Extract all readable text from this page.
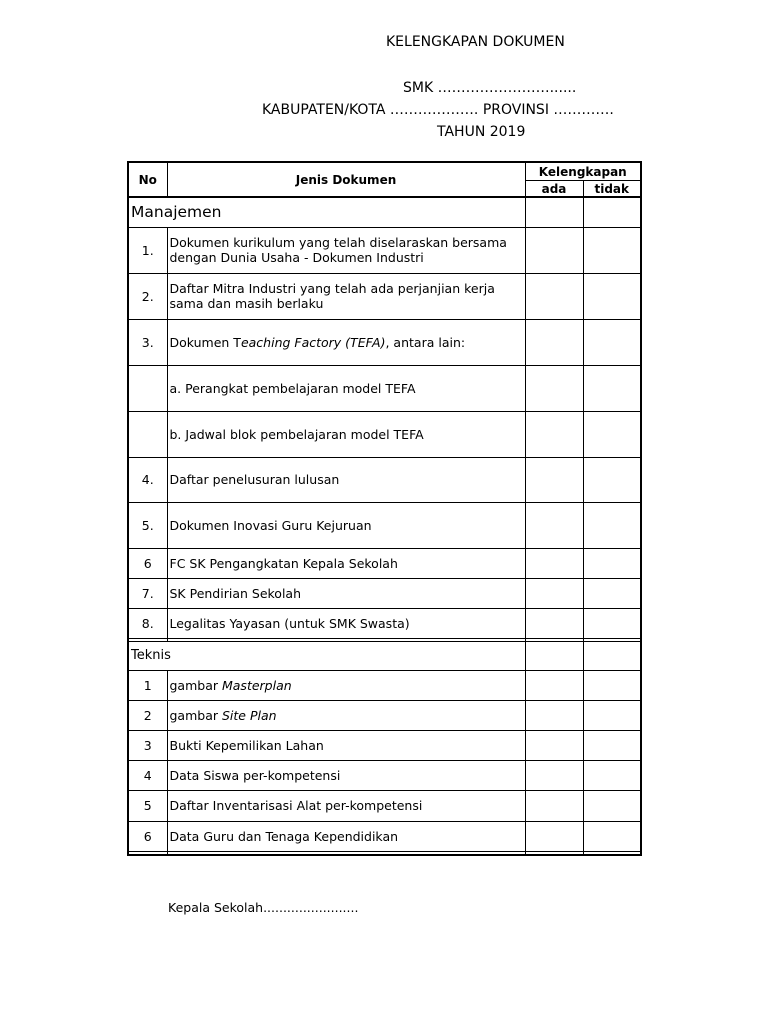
KELENGKAPAN DOKUMEN
SMK ……………………......
KABUPATEN/KOTA ………………. PROVINSI ………….
TAHUN 2019
No	Jenis Dokumen	Kelengkapan	
		ada	tidak
Manajemen			
1.	Dokumen kurikulum yang telah diselaraskan bersama dengan Dunia Usaha - Dokumen Industri		
2.	Daftar Mitra Industri yang telah ada perjanjian kerja sama dan masih berlaku		
3.	Dokumen Teaching Factory (TEFA), antara lain:		
	a. Perangkat pembelajaran model TEFA		
	b. Jadwal blok pembelajaran model TEFA		
4.	Daftar penelusuran lulusan		
5.	Dokumen Inovasi Guru Kejuruan		
6	FC SK Pengangkatan Kepala Sekolah		
7.	SK Pendirian Sekolah		
8.	Legalitas Yayasan (untuk SMK Swasta)		

Teknis			
1	gambar Masterplan		
2	gambar Site Plan		
3	Bukti Kepemilikan Lahan		
4	Data Siswa per-kompetensi		
5	Daftar Inventarisasi Alat per-kompetensi		
6	Data Guru dan Tenaga Kependidikan		

Kepala Sekolah........................
